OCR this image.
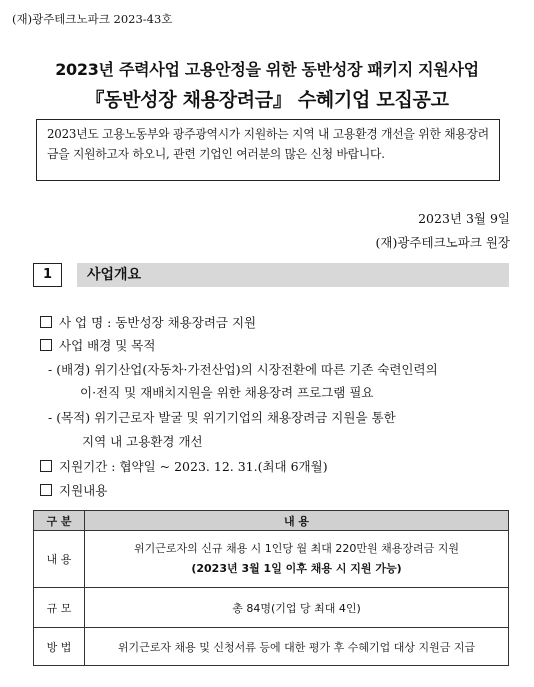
(재)광주테크노파크 2023-43호
2023년 주력사업 고용안정을 위한 동반성장 패키지 지원사업
『동반성장 채용장려금』 수혜기업 모집공고
2023년도 고용노동부와 광주광역시가 지원하는 지역 내 고용환경 개선을 위한 채용장려금을 지원하고자 하오니, 관련 기업인 여러분의 많은 신청 바랍니다.
2023년 3월 9일
(재)광주테크노파크 원장
1	사업개요
사 업 명 : 동반성장 채용장려금 지원
사업 배경 및 목적
- (배경) 위기산업(자동차·가전산업)의 시장전환에 따른 기존 숙련인력의
이·전직 및 재배치지원을 위한 채용장려 프로그램 필요
- (목적) 위기근로자 발굴 및 위기기업의 채용장려금 지원을 통한
지역 내 고용환경 개선
지원기간 : 협약일 ~ 2023. 12. 31.(최대 6개월)
지원내용
구 분	내 용
내 용	위기근로자의 신규 채용 시 1인당 월 최대 220만원 채용장려금 지원
(2023년 3월 1일 이후 채용 시 지원 가능)

규 모	총 84명(기업 당 최대 4인)
방 법	위기근로자 채용 및 신청서류 등에 대한 평가 후 수혜기업 대상 지원금 지급
